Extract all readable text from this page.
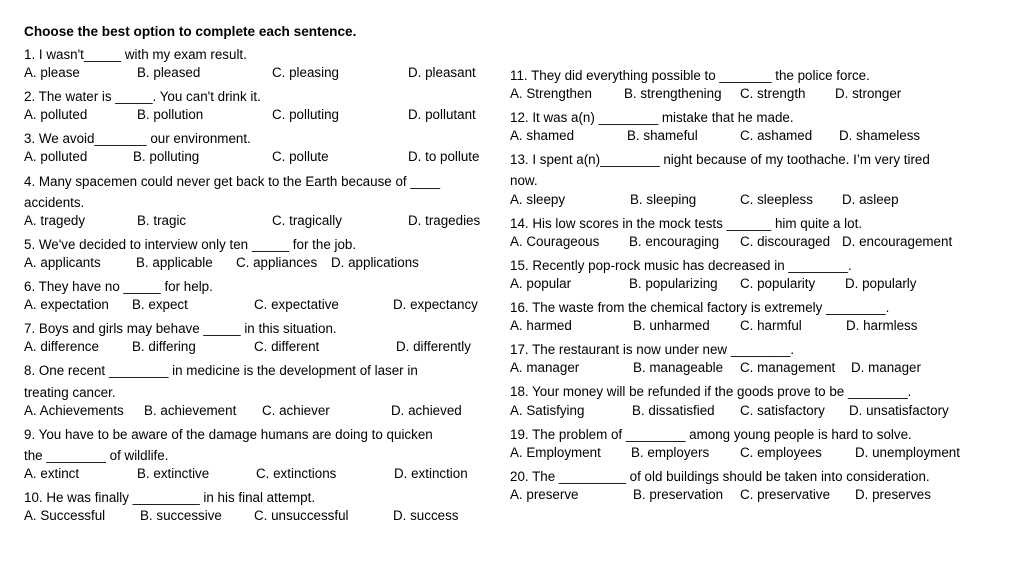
Choose the best option to complete each sentence.
1. I wasn't_____ with my exam result.
A. please	B. pleased	C. pleasing	D. pleasant
2. The water is _____. You can't drink it.
A. polluted	B. pollution	C. polluting	D. pollutant
3. We avoid_______ our environment.
A. polluted	B. polluting	C. pollute	D. to pollute
4. Many spacemen could never get back to the Earth because of ____
accidents.
A. tragedy	B. tragic	C. tragically	D. tragedies
5. We've decided to interview only ten _____ for the job.
A. applicants	B. applicable C. appliances D. applications
6. They have no _____ for help.
A. expectation B. expect	C. expectative	D. expectancy
7. Boys and girls may behave _____ in this situation.
A. difference B. differing	C. different	D. differently
8. One recent ________ in medicine is the development of laser in
treating cancer.
A. Achievements B. achievement C. achiever	D. achieved
9. You have to be aware of the damage humans are doing to quicken
the ________ of wildlife.
A. extinct	B. extinctive	C. extinctions	D. extinction
10. He was finally _________ in his final attempt.
A. Successful	B. successive C. unsuccessful	D. success
11. They did everything possible to _______ the police force.
A. Strengthen B. strengthening C. strength D. stronger
12. It was a(n) ________ mistake that he made.
A. shamed	B. shameful	C. ashamed D. shameless
13. I spent a(n)________ night because of my toothache. I’m very tired
now.
A. sleepy	B. sleeping	C. sleepless D. asleep
14. His low scores in the mock tests ______ him quite a lot.
A. Courageous B. encouraging C. discouraged D. encouragement
15. Recently pop-rock music has decreased in ________.
A. popular	B. popularizing C. popularity D. popularly
16. The waste from the chemical factory is extremely ________.
A. harmed	B. unharmed C. harmful	D. harmless
17. The restaurant is now under new ________.
A. manager	B. manageable C. management D. manager
18. Your money will be refunded if the goods prove to be ________.
A. Satisfying	B. dissatisfied C. satisfactory D. unsatisfactory
19. The problem of ________ among young people is hard to solve.
A. Employment B. employers C. employees D. unemployment
20. The _________ of old buildings should be taken into consideration.
A. preserve	B. preservation C. preservative D. preserves
